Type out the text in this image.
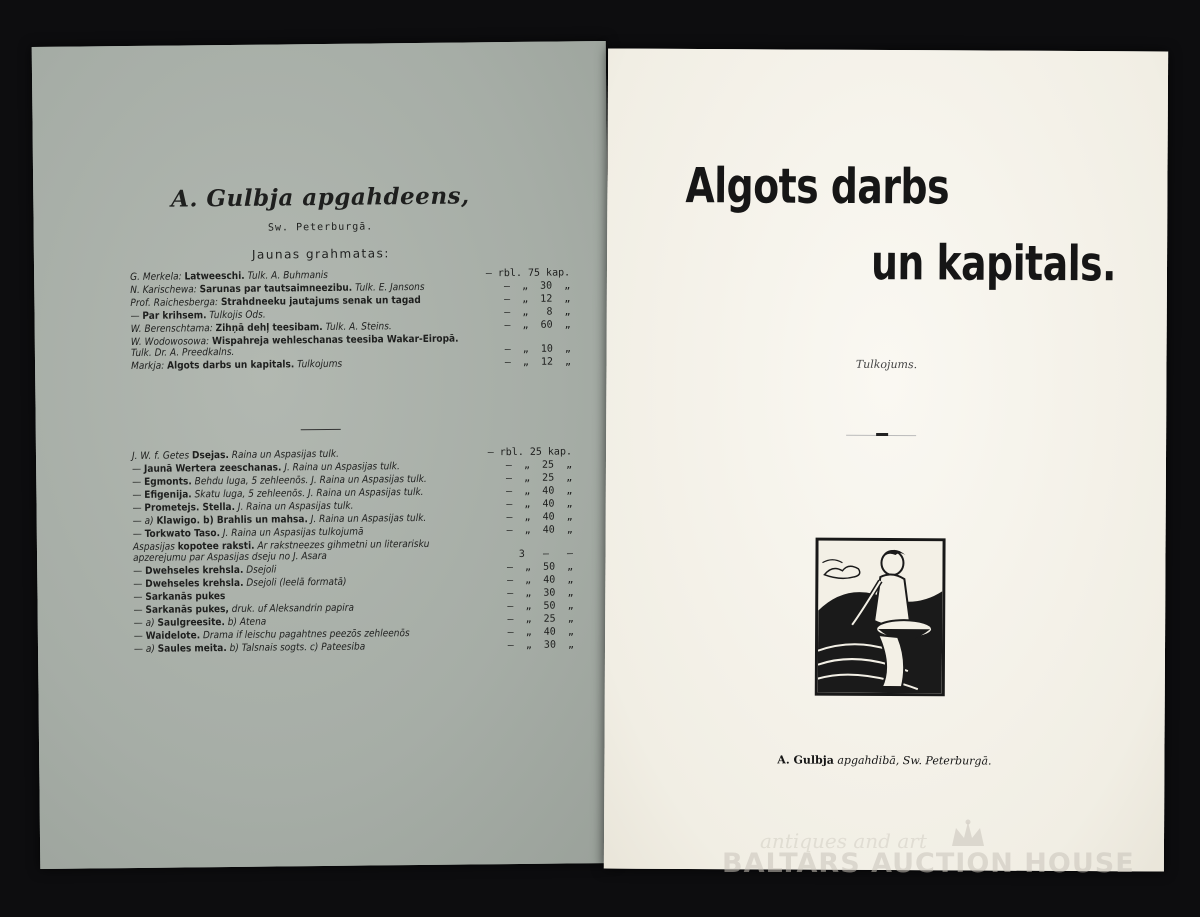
A. Gulbja apgahdeens,
Sw. Peterburgā.
Jaunas grahmatas:
G. Merkela: Latweeschi. Tulk. A. Buhmanis	— rbl. 75 kap.
N. Karischewa: Sarunas par tautsaimneezibu. Tulk. E. Jansons	—  „  30  „
Prof. Raichesberga: Strahdneeku jautajums senak un tagad	—  „  12  „
— Par krihsem. Tulkojis Ods.	—  „   8  „
W. Berenschtama: Zihņā dehļ teesibam. Tulk. A. Steins.	—  „  60  „
W. Wodowosowa: Wispahreja wehleschanas teesiba Wakar-Eiropā. Tulk. Dr. A. Preedkalns.	—  „  10  „
Markja: Algots darbs un kapitals. Tulkojums	—  „  12  „
J. W. f. Getes Dsejas. Raina un Aspasijas tulk.	— rbl. 25 kap.
— Jaunā Wertera zeeschanas. J. Raina un Aspasijas tulk.	—  „  25  „
— Egmonts. Behdu luga, 5 zehleenōs. J. Raina un Aspasijas tulk.	—  „  25  „
— Efigenija. Skatu luga, 5 zehleenōs. J. Raina un Aspasijas tulk.	—  „  40  „
— Prometejs. Stella. J. Raina un Aspasijas tulk.	—  „  40  „
— a) Klawigo. b) Brahlis un mahsa. J. Raina un Aspasijas tulk.	—  „  40  „
— Torkwato Taso. J. Raina un Aspasijas tulkojumā	—  „  40  „
Aspasijas kopotee raksti. Ar rakstneezes gihmetni un literarisku apzerejumu par Aspasijas dseju no J. Asara	3   —   —
— Dwehseles krehsla. Dsejoli	—  „  50  „
— Dwehseles krehsla. Dsejoli (leelā formatā)	—  „  40  „
— Sarkanās pukes	—  „  30  „
— Sarkanās pukes, druk. uf Aleksandrin papira	—  „  50  „
— a) Saulgreesite. b) Atena	—  „  25  „
— Waidelote. Drama if leischu pagahtnes peezōs zehleenōs	—  „  40  „
— a) Saules meita. b) Talsnais sogts. c) Pateesiba	—  „  30  „
Algots darbs
un kapitals.
Tulkojums.
A. Gulbja apgahdibā, Sw. Peterburgā.
antiques and art
BALTARS AUCTION HOUSE
